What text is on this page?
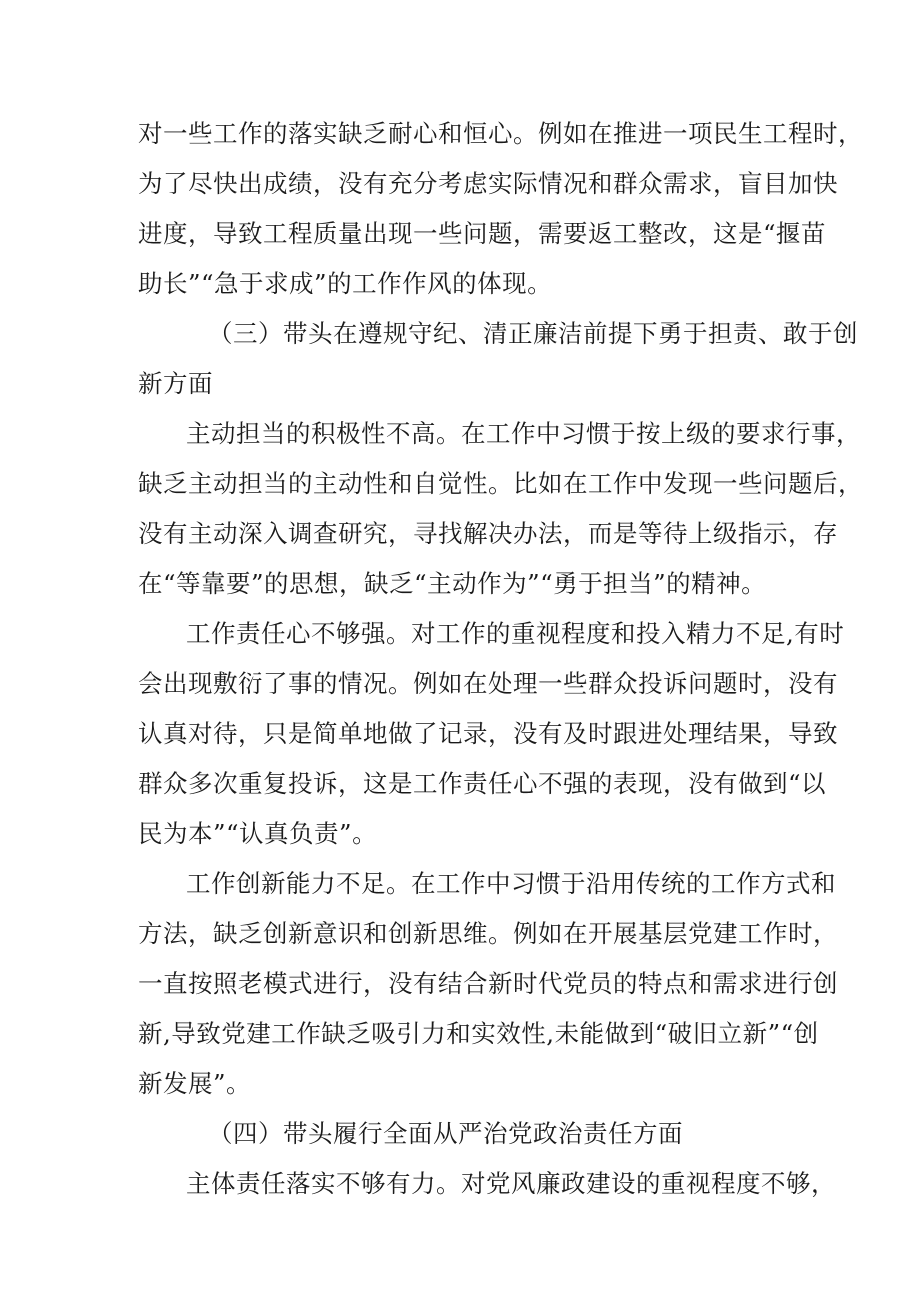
对一些工作的落实缺乏耐心和恒心。例如在推进一项民生工程时，
为了尽快出成绩，没有充分考虑实际情况和群众需求，盲目加快
进度，导致工程质量出现一些问题，需要返工整改，这是“揠苗
助长”“急于求成”的工作作风的体现。
（三）带头在遵规守纪、清正廉洁前提下勇于担责、敢于创
新方面
主动担当的积极性不高。在工作中习惯于按上级的要求行事，
缺乏主动担当的主动性和自觉性。比如在工作中发现一些问题后，
没有主动深入调查研究，寻找解决办法，而是等待上级指示，存
在“等靠要”的思想，缺乏“主动作为”“勇于担当”的精神。
工作责任心不够强。对工作的重视程度和投入精力不足,有时
会出现敷衍了事的情况。例如在处理一些群众投诉问题时，没有
认真对待，只是简单地做了记录，没有及时跟进处理结果，导致
群众多次重复投诉，这是工作责任心不强的表现，没有做到“以
民为本”“认真负责”。
工作创新能力不足。在工作中习惯于沿用传统的工作方式和
方法，缺乏创新意识和创新思维。例如在开展基层党建工作时，
一直按照老模式进行，没有结合新时代党员的特点和需求进行创
新,导致党建工作缺乏吸引力和实效性,未能做到“破旧立新”“创
新发展”。
（四）带头履行全面从严治党政治责任方面
主体责任落实不够有力。对党风廉政建设的重视程度不够，
